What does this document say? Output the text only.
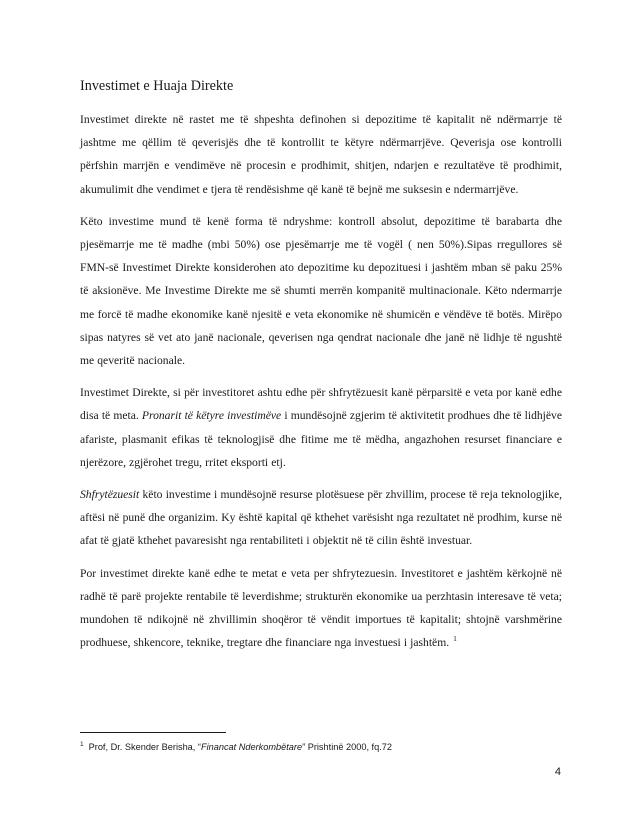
Investimet e Huaja Direkte

Investimet direkte në rastet me të shpeshta definohen si depozitime të kapitalit në ndërmarrje të jashtme me qëllim të qeverisjës dhe të kontrollit te këtyre ndërmarrjëve. Qeverisja ose kontrolli përfshin marrjën e vendimëve në procesin e prodhimit, shitjen, ndarjen e rezultatëve të prodhimit, akumulimit dhe vendimet e tjera të rendësishme që kanë të bejnë me suksesin e ndermarrjëve.

Këto investime mund të kenë forma të ndryshme: kontroll absolut, depozitime të barabarta dhe pjesëmarrje me të madhe (mbi 50%) ose pjesëmarrje me të vogël ( nen 50%).Sipas rregullores së FMN-së Investimet Direkte konsiderohen ato depozitime ku depozituesi i jashtëm mban së paku 25% të aksionëve. Me Investime Direkte me së shumti merrën kompanitë multinacionale. Këto ndermarrje me forcë të madhe ekonomike kanë njesitë e veta ekonomike në shumicën e vëndëve të botës. Mirëpo sipas natyres së vet ato janë nacionale, qeverisen nga qendrat nacionale dhe janë në lidhje të ngushtë me qeveritë nacionale.

Investimet Direkte, si për investitoret ashtu edhe për shfrytëzuesit kanë përparsitë e veta por kanë edhe disa të meta. Pronarit të këtyre investimëve i mundësojnë zgjerim të aktivitetit prodhues dhe të lidhjëve afariste, plasmanit efikas të teknologjisë dhe fitime me të mëdha, angazhohen resurset financiare e njerëzore, zgjërohet tregu, rritet eksporti etj.

Shfrytëzuesit këto investime i mundësojnë resurse plotësuese për zhvillim, procese të reja teknologjike, aftësi në punë dhe organizim. Ky është kapital që kthehet varësisht nga rezultatet në prodhim, kurse në afat të gjatë kthehet pavaresisht nga rentabiliteti i objektit në të cilin është investuar.

Por investimet direkte kanë edhe te metat e veta per shfrytezuesin. Investitoret e jashtëm kërkojnë në radhë të parë projekte rentabile të leverdishme; strukturën ekonomike ua perzhtasin interesave të veta; mundohen të ndikojnë në zhvillimin shoqëror të vëndit importues të kapitalit; shtojnë varshmërine prodhuese, shkencore, teknike, tregtare dhe financiare nga investuesi i jashtëm. $^1$

$^1$ Prof, Dr. Skender Berisha, “Financat Nderkombëtare” Prishtinë 2000, fq.72
4
